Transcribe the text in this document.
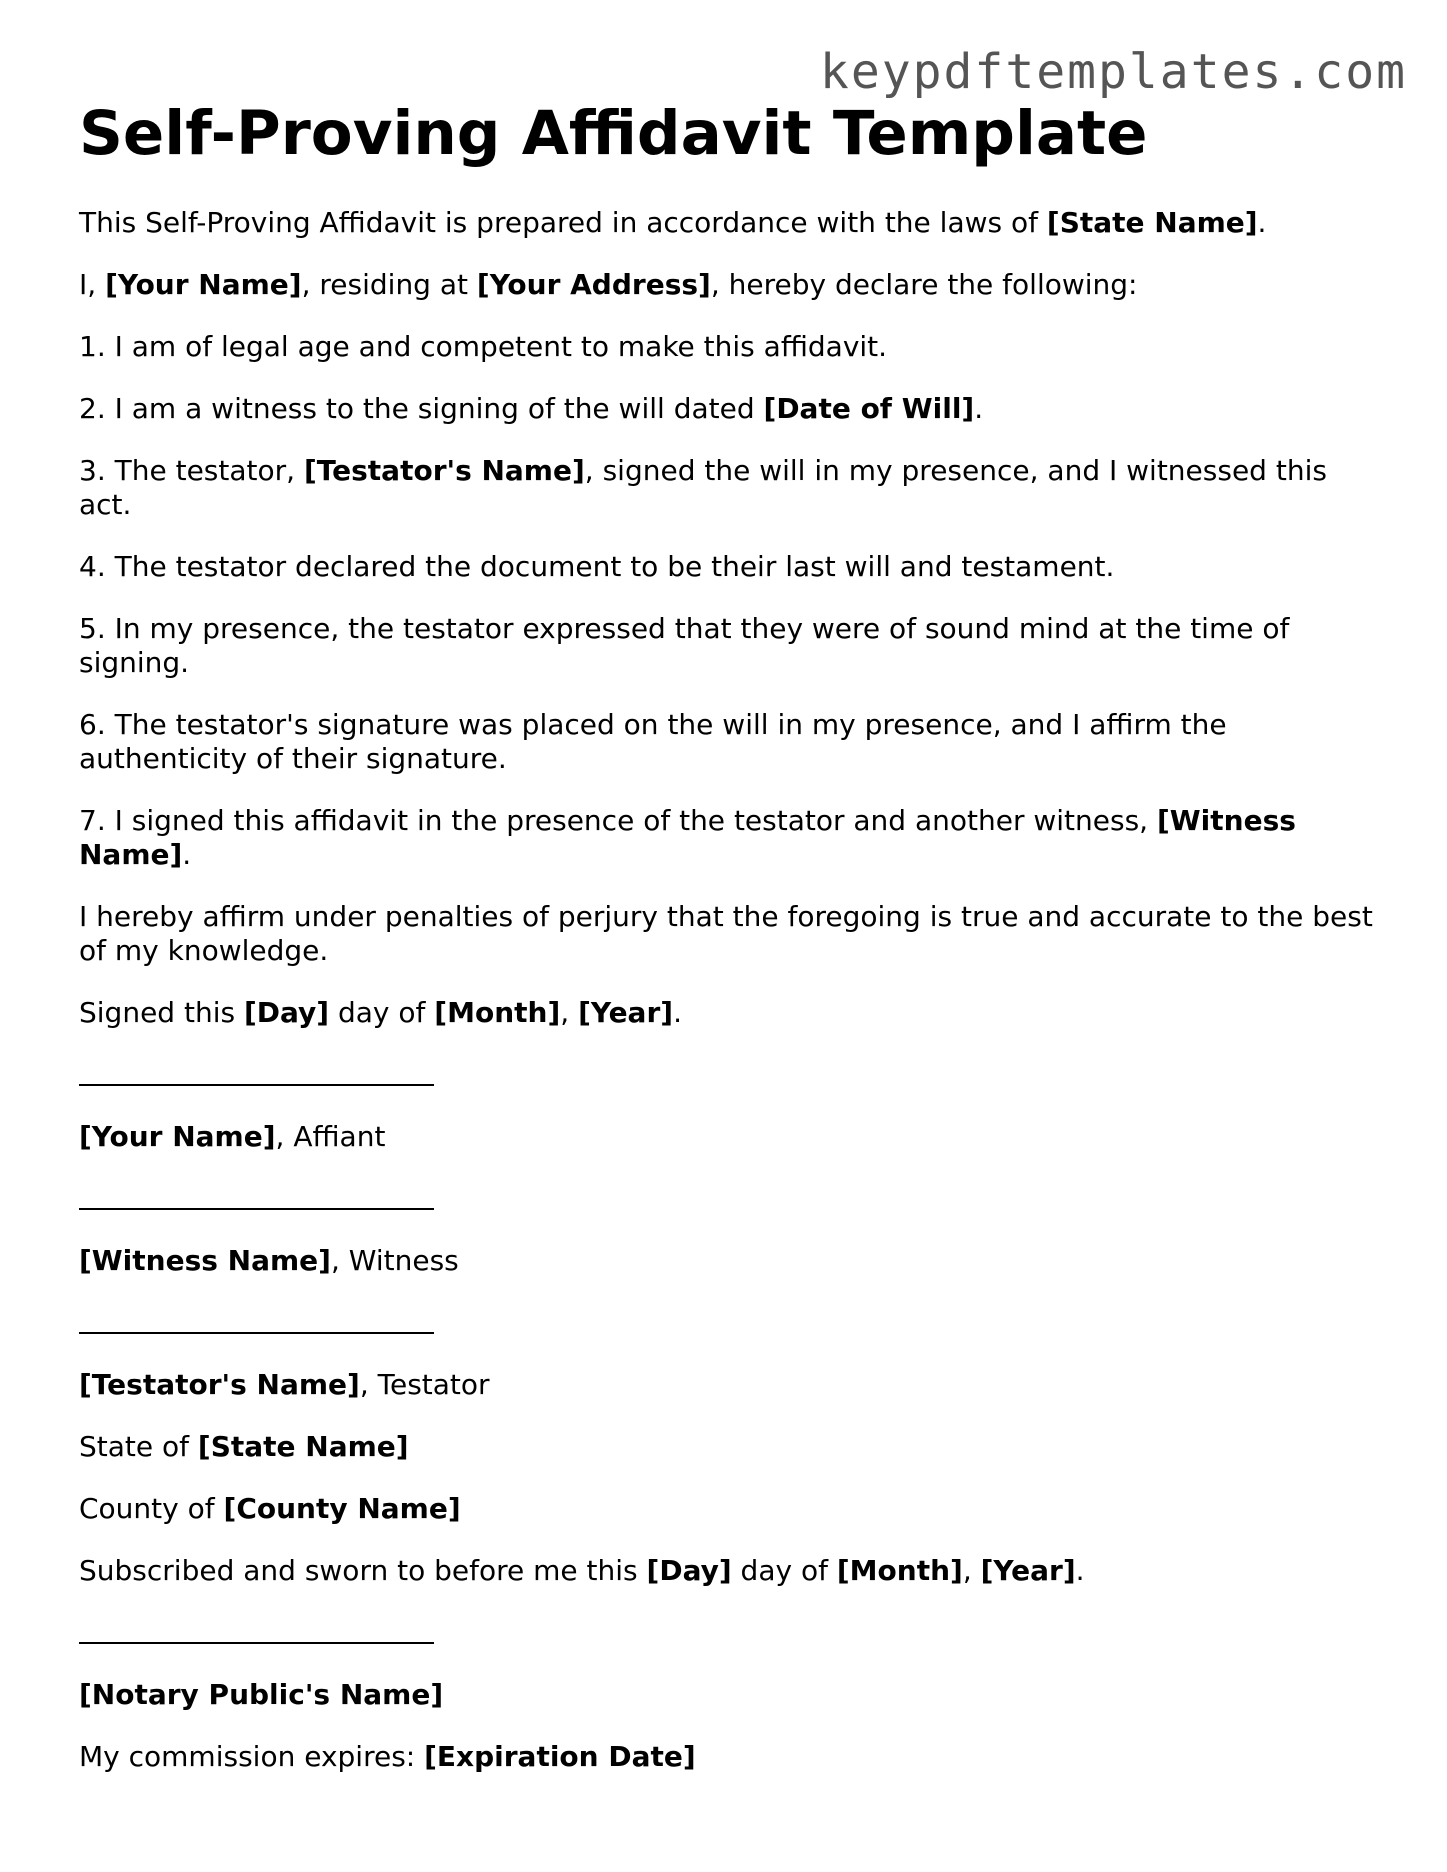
keypdftemplates.com
Self-Proving Affidavit Template

This Self-Proving Affidavit is prepared in accordance with the laws of [State Name].

I, [Your Name], residing at [Your Address], hereby declare the following:

1. I am of legal age and competent to make this affidavit.

2. I am a witness to the signing of the will dated [Date of Will].

3. The testator, [Testator's Name], signed the will in my presence, and I witnessed this act.

4. The testator declared the document to be their last will and testament.

5. In my presence, the testator expressed that they were of sound mind at the time of signing.

6. The testator's signature was placed on the will in my presence, and I affirm the authenticity of their signature.

7. I signed this affidavit in the presence of the testator and another witness, [Witness Name].

I hereby affirm under penalties of perjury that the foregoing is true and accurate to the best of my knowledge.

Signed this [Day] day of [Month], [Year].

[Your Name], Affiant

[Witness Name], Witness

[Testator's Name], Testator

State of [State Name]

County of [County Name]

Subscribed and sworn to before me this [Day] day of [Month], [Year].

[Notary Public's Name]

My commission expires: [Expiration Date]
